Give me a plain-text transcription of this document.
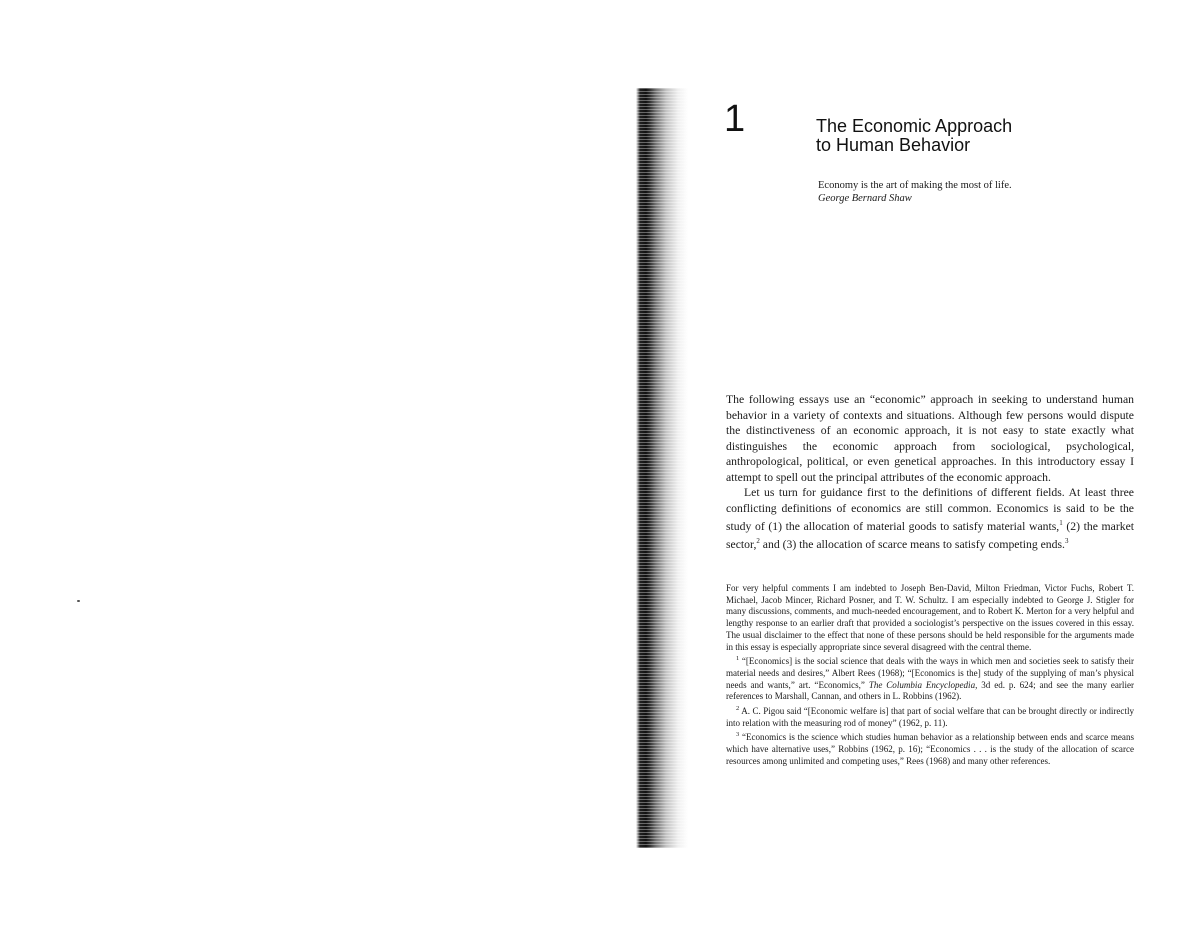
1	The Economic Approach
to Human Behavior
Economy is the art of making the most of life.
George Bernard Shaw

The following essays use an “economic” approach in seeking to understand human behavior in a variety of contexts and situations. Although few persons would dispute the distinctiveness of an economic approach, it is not easy to state exactly what distinguishes the economic approach from sociological, psychological, anthropological, political, or even genetical approaches. In this introductory essay I attempt to spell out the principal attributes of the economic approach.

Let us turn for guidance first to the definitions of different fields. At least three conflicting definitions of economics are still common. Economics is said to be the study of (1) the allocation of material goods to satisfy material wants,$^1$ (2) the market sector,$^2$ and (3) the allocation of scarce means to satisfy competing ends.$^3$

For very helpful comments I am indebted to Joseph Ben-David, Milton Friedman, Victor Fuchs, Robert T. Michael, Jacob Mincer, Richard Posner, and T. W. Schultz. I am especially indebted to George J. Stigler for many discussions, comments, and much-needed encouragement, and to Robert K. Merton for a very helpful and lengthy response to an earlier draft that provided a sociologist’s perspective on the issues covered in this essay. The usual disclaimer to the effect that none of these persons should be held responsible for the arguments made in this essay is especially appropriate since several disagreed with the central theme.

$^1$ “[Economics] is the social science that deals with the ways in which men and societies seek to satisfy their material needs and desires,” Albert Rees (1968); “[Economics is the] study of the supplying of man’s physical needs and wants,” art. “Economics,” The Columbia Encyclopedia, 3d ed. p. 624; and see the many earlier references to Marshall, Cannan, and others in L. Robbins (1962).

$^2$ A. C. Pigou said “[Economic welfare is] that part of social welfare that can be brought directly or indirectly into relation with the measuring rod of money” (1962, p. 11).

$^3$ “Economics is the science which studies human behavior as a relationship between ends and scarce means which have alternative uses,” Robbins (1962, p. 16); “Economics . . . is the study of the allocation of scarce resources among unlimited and competing uses,” Rees (1968) and many other references.
